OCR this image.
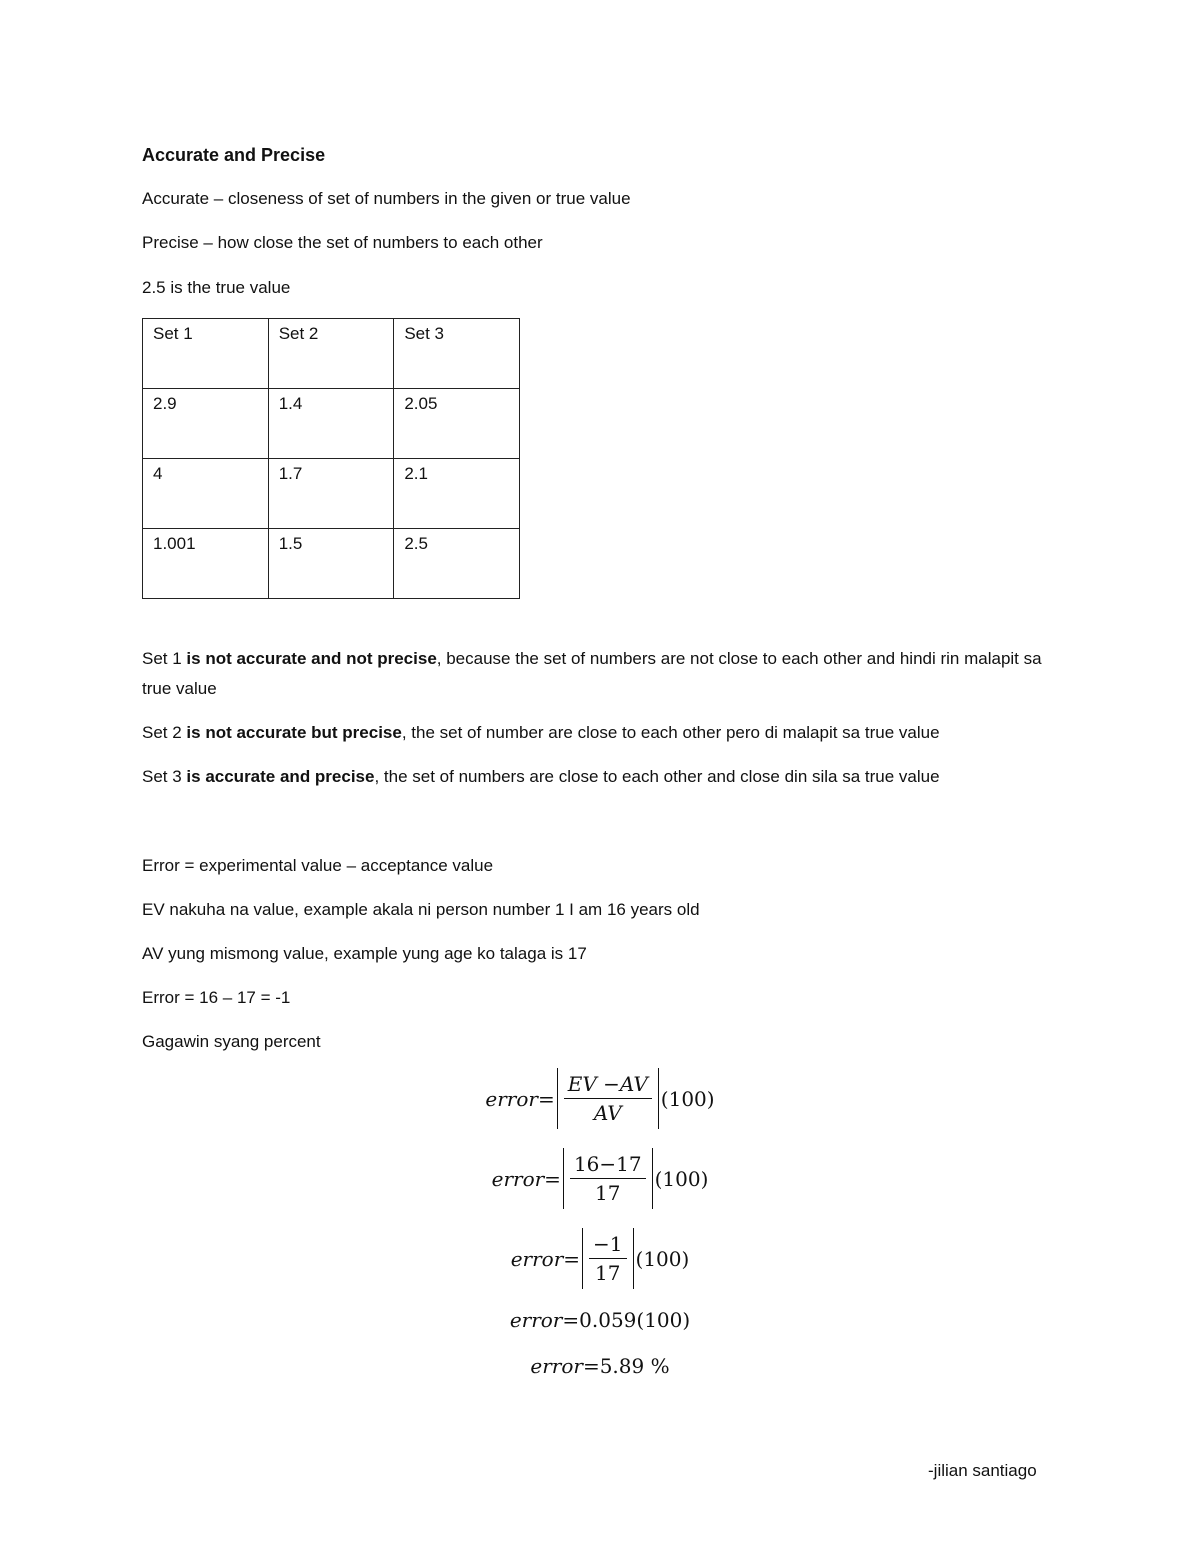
Accurate and Precise
Accurate – closeness of set of numbers in the given or true value
Precise – how close the set of numbers to each other
2.5 is the true value
Set 1	Set 2	Set 3
2.9	1.4	2.05
4	1.7	2.1
1.001	1.5	2.5
Set 1 is not accurate and not precise, because the set of numbers are not close to each other and hindi rin malapit sa true value
Set 2 is not accurate but precise, the set of number are close to each other pero di malapit sa true value
Set 3 is accurate and precise, the set of numbers are close to each other and close din sila sa true value
Error = experimental value – acceptance value
EV nakuha na value, example akala ni person number 1 I am 16 years old
AV yung mismong value, example yung age ko talaga is 17
Error = 16 – 17 = -1
Gagawin syang percent
error = $\frac{EV -AV}{AV} (100)$
error = $\frac{16-17}{17} (100)$
error = $\frac{-1}{17} (100)$
error = 0.059 (100)
error = 5.89 %
-jilian santiago
